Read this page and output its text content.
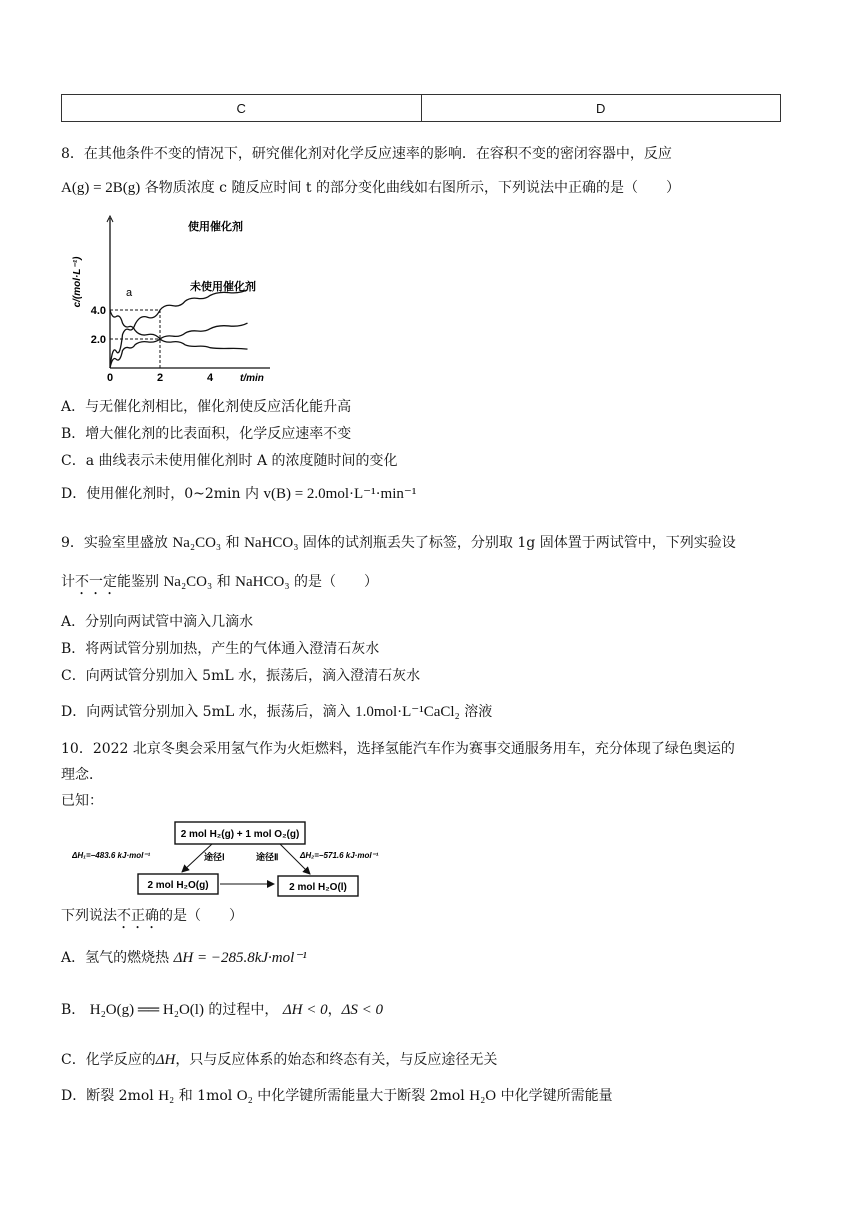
C	D
8．在其他条件不变的情况下，研究催化剂对化学反应速率的影响．在容积不变的密闭容器中，反应
A(g) = 2B(g) 各物质浓度 c 随反应时间 t 的部分变化曲线如右图所示，下列说法中正确的是（　　）
0	2	4
2.0
4.0
t/min
c/(mol·L⁻¹)
使用催化剂
未使用催化剂
a
A．与无催化剂相比，催化剂使反应活化能升高
B．增大催化剂的比表面积，化学反应速率不变
C．a 曲线表示未使用催化剂时 A 的浓度随时间的变化
D．使用催化剂时，0~2min 内 v(B) = 2.0mol·L⁻¹·min⁻¹
9．实验室里盛放 Na₂CO₃ 和 NaHCO₃ 固体的试剂瓶丢失了标签，分别取 1g 固体置于两试管中，下列实验设
计不一定能鉴别 Na₂CO₃ 和 NaHCO₃ 的是（　　）
A．分别向两试管中滴入几滴水
B．将两试管分别加热，产生的气体通入澄清石灰水
C．向两试管分别加入 5mL 水，振荡后，滴入澄清石灰水
D．向两试管分别加入 5mL 水，振荡后，滴入 1.0mol·L⁻¹CaCl₂ 溶液
10．2022 北京冬奥会采用氢气作为火炬燃料，选择氢能汽车作为赛事交通服务用车，充分体现了绿色奥运的
理念．
已知：
2 mol H₂(g) + 1 mol O₂(g)
2 mol H₂O(g)	2 mol H₂O(l)
途径Ⅰ	途径Ⅱ
ΔH₁=−483.6 kJ·mol⁻¹	ΔH₂=−571.6 kJ·mol⁻¹
下列说法不正确的是（　　）
A．氢气的燃烧热 ΔH = −285.8kJ·mol⁻¹
B． H₂O(g) ══ H₂O(l) 的过程中， ΔH < 0，ΔS < 0
C．化学反应的ΔH，只与反应体系的始态和终态有关，与反应途径无关
D．断裂 2mol H₂ 和 1mol O₂ 中化学键所需能量大于断裂 2mol H₂O 中化学键所需能量
